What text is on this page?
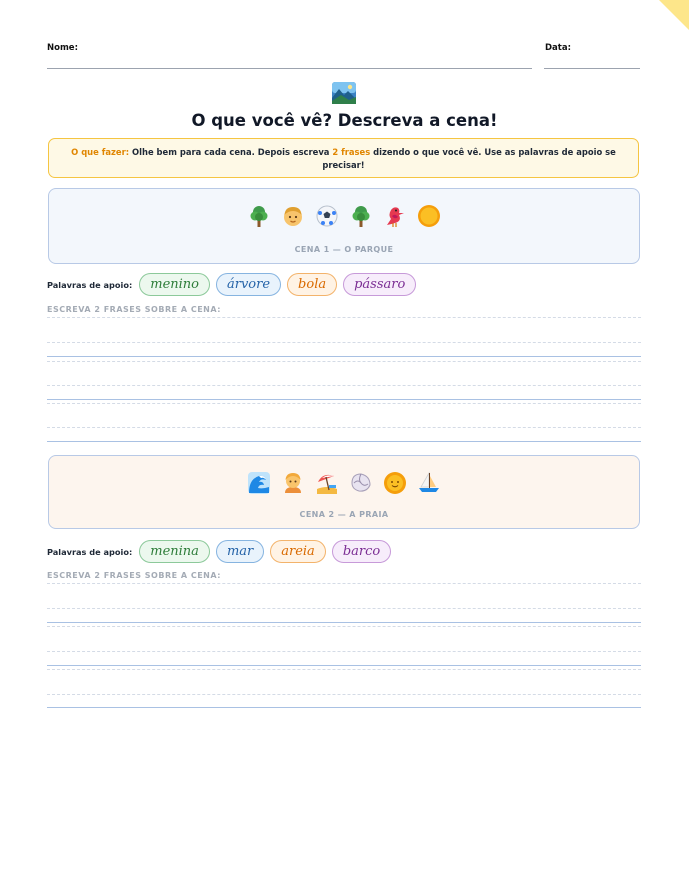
Nome:	Data:
O que você vê? Descreva a cena!
O que fazer: Olhe bem para cada cena. Depois escreva 2 frases dizendo o que você vê. Use as palavras de apoio se precisar!
CENA 1 — O PARQUE
Palavras de apoio:	menino	árvore	bola	pássaro
ESCREVA 2 FRASES SOBRE A CENA:
CENA 2 — A PRAIA
Palavras de apoio:	menina	mar	areia	barco
ESCREVA 2 FRASES SOBRE A CENA:
